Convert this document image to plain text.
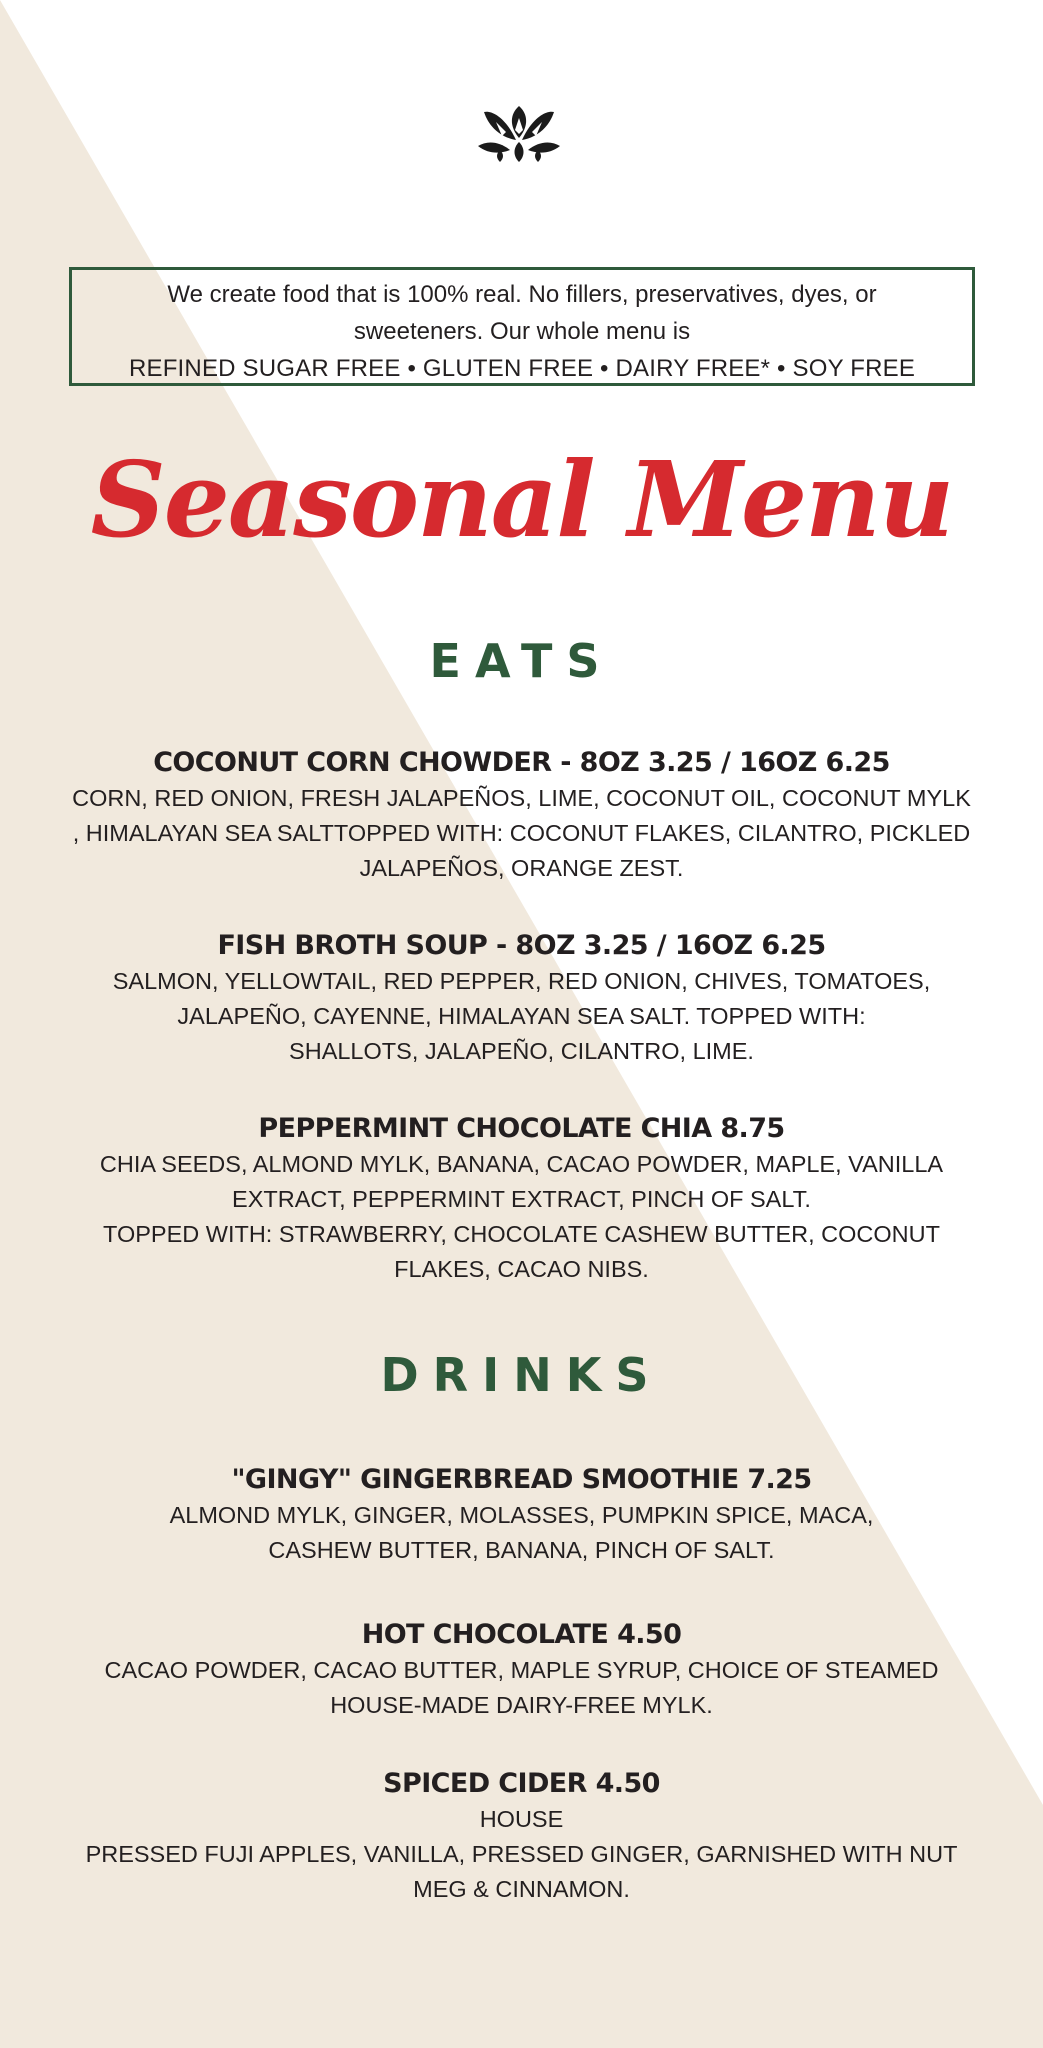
We create food that is 100% real. No fillers, preservatives, dyes, or
sweeteners. Our whole menu is
REFINED SUGAR FREE • GLUTEN FREE • DAIRY FREE* • SOY FREE
Seasonal Menu
EATS
COCONUT CORN CHOWDER - 8OZ 3.25 / 16OZ 6.25
CORN, RED ONION, FRESH JALAPEÑOS, LIME, COCONUT OIL, COCONUT MYLK
, HIMALAYAN SEA SALTTOPPED WITH: COCONUT FLAKES, CILANTRO, PICKLED
JALAPEÑOS, ORANGE ZEST.
FISH BROTH SOUP - 8OZ 3.25 / 16OZ 6.25
SALMON, YELLOWTAIL, RED PEPPER, RED ONION, CHIVES, TOMATOES,
JALAPEÑO, CAYENNE, HIMALAYAN SEA SALT. TOPPED WITH:
SHALLOTS, JALAPEÑO, CILANTRO, LIME.
PEPPERMINT CHOCOLATE CHIA 8.75
CHIA SEEDS, ALMOND MYLK, BANANA, CACAO POWDER, MAPLE, VANILLA
EXTRACT, PEPPERMINT EXTRACT, PINCH OF SALT.
TOPPED WITH: STRAWBERRY, CHOCOLATE CASHEW BUTTER, COCONUT
FLAKES, CACAO NIBS.
DRINKS
"GINGY" GINGERBREAD SMOOTHIE 7.25
ALMOND MYLK, GINGER, MOLASSES, PUMPKIN SPICE, MACA,
CASHEW BUTTER, BANANA, PINCH OF SALT.
HOT CHOCOLATE 4.50
CACAO POWDER, CACAO BUTTER, MAPLE SYRUP, CHOICE OF STEAMED
HOUSE-MADE DAIRY-FREE MYLK.
SPICED CIDER 4.50
HOUSE
PRESSED FUJI APPLES, VANILLA, PRESSED GINGER, GARNISHED WITH NUT
MEG & CINNAMON.
